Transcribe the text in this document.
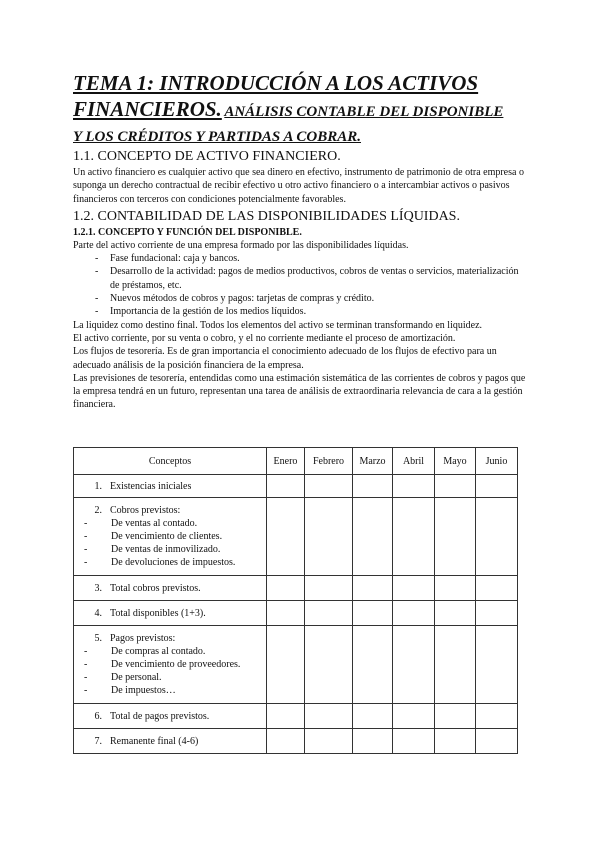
TEMA 1: INTRODUCCIÓN A LOS ACTIVOS

FINANCIEROS. ANÁLISIS CONTABLE DEL DISPONIBLE

Y LOS CRÉDITOS Y PARTIDAS A COBRAR.

1.1. CONCEPTO DE ACTIVO FINANCIERO.

Un activo financiero es cualquier activo que sea dinero en efectivo, instrumento de patrimonio de otra empresa o suponga un derecho contractual de recibir efectivo u otro activo financiero o a intercambiar activos o pasivos financieros con terceros con condiciones potencialmente favorables.

1.2. CONTABILIDAD DE LAS DISPONIBILIDADES LÍQUIDAS.
1.2.1. CONCEPTO Y FUNCIÓN DEL DISPONIBLE.

Parte del activo corriente de una empresa formado por las disponibilidades líquidas.

- Fase fundacional: caja y bancos.
- Desarrollo de la actividad: pagos de medios productivos, cobros de ventas o servicios, materialización de préstamos, etc.
- Nuevos métodos de cobros y pagos: tarjetas de compras y crédito.
- Importancia de la gestión de los medios líquidos.

La liquidez como destino final. Todos los elementos del activo se terminan transformando en liquidez.

El activo corriente, por su venta o cobro, y el no corriente mediante el proceso de amortización.

Los flujos de tesorería. Es de gran importancia el conocimiento adecuado de los flujos de efectivo para un adecuado análisis de la posición financiera de la empresa.

Las previsiones de tesorería, entendidas como una estimación sistemática de las corrientes de cobros y pagos que la empresa tendrá en un futuro, representan una tarea de análisis de extraordinaria relevancia de cara a la gestión financiera.

Conceptos	Enero	Febrero	Marzo	Abril	Mayo	Junio
1. Existencias iniciales						

2. Cobros previstos:
- De ventas al contado.
- De vencimiento de clientes.
- De ventas de inmovilizado.
- De devoluciones de impuestos.						

3. Total cobros previstos.						
4. Total disponibles (1+3).						

5. Pagos previstos:
- De compras al contado.
- De vencimiento de proveedores.
- De personal.
- De impuestos…						

6. Total de pagos previstos.						
7. Remanente final (4-6)						
